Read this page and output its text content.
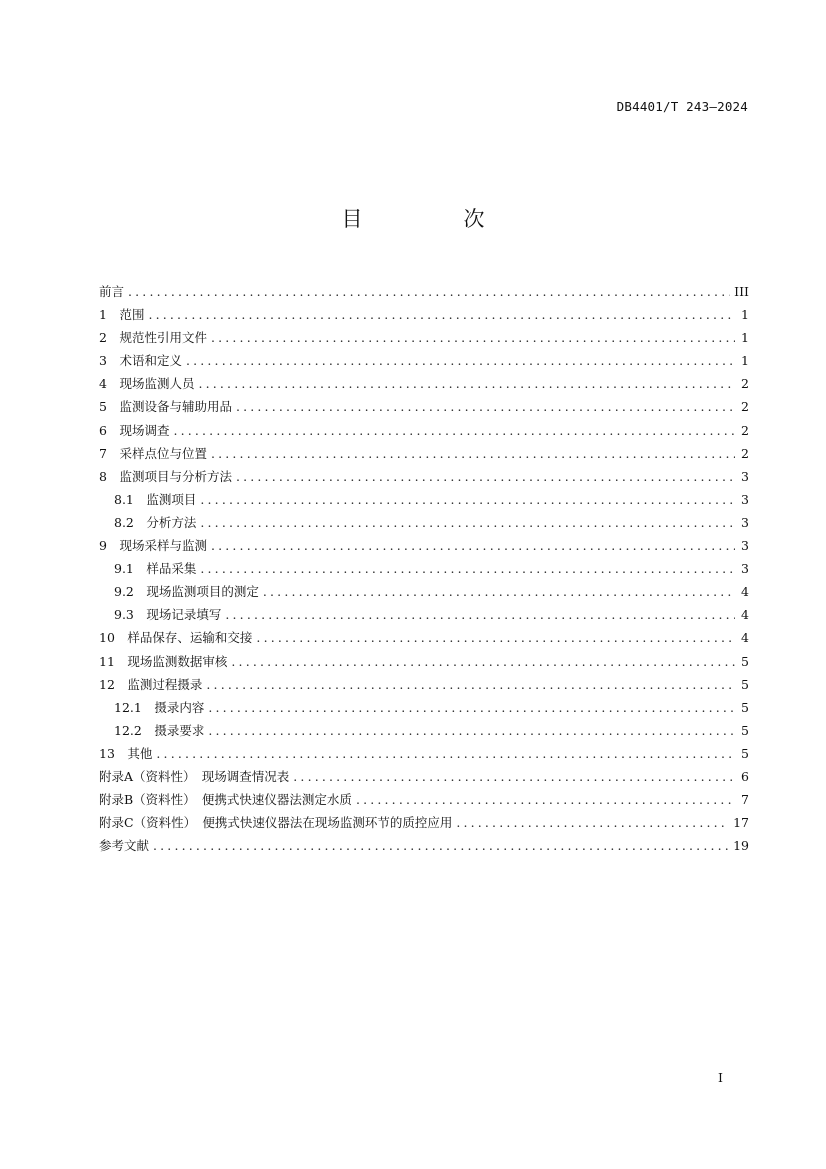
DB4401/T 243—2024
目　次
前言 . . .	III
1　范围 . . .	1
2　规范性引用文件 . . .	1
3　术语和定义 . . .	1
4　现场监测人员 . . .	2
5　监测设备与辅助用品 . . .	2
6　现场调查 . . .	2
7　采样点位与位置 . . .	2
8　监测项目与分析方法 . . .	3
8.1　监测项目 . . .	3
8.2　分析方法 . . .	3
9　现场采样与监测 . . .	3
9.1　样品采集 . . .	3
9.2　现场监测项目的测定 . . .	4
9.3　现场记录填写 . . .	4
10　样品保存、运输和交接 . . .	4
11　现场监测数据审核 . . .	5
12　监测过程摄录 . . .	5
12.1　摄录内容 . . .	5
12.2　摄录要求 . . .	5
13　其他 . . .	5
附录A（资料性）　现场调查情况表 . . .	6
附录B（资料性）　便携式快速仪器法测定水质 . . .	7
附录C（资料性）　便携式快速仪器法在现场监测环节的质控应用 . . .	17
参考文献 . . .	19
I
